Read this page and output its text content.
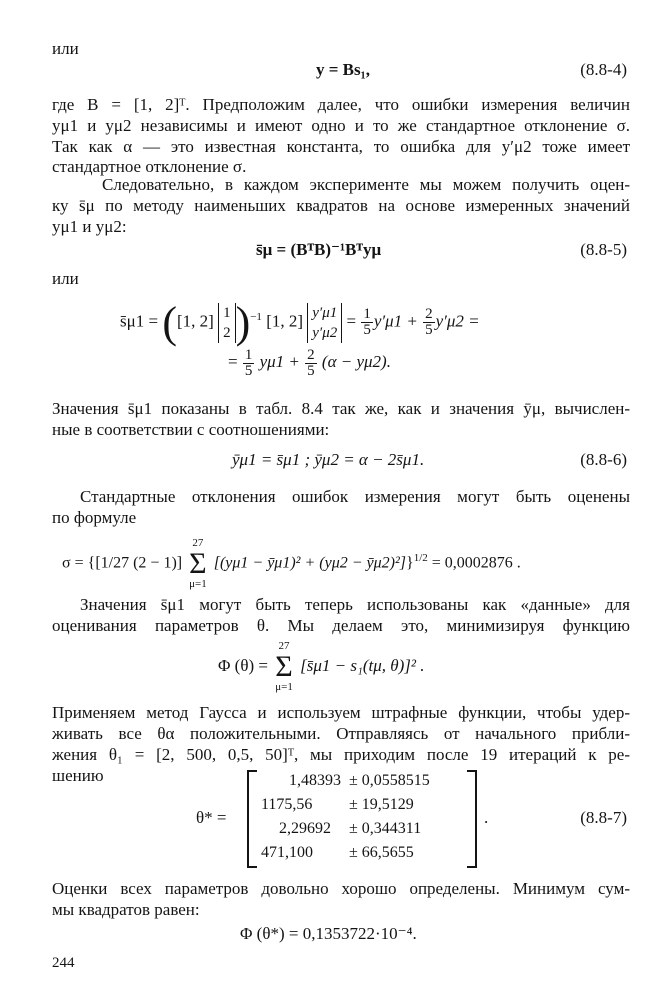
или
y = Bs₁,	(8.8-4)
где B = [1, 2]ᵀ. Предположим далее, что ошибки измерения величин
yμ1 и yμ2 независимы и имеют одно и то же стандартное отклонение σ.
Так как α — это известная константа, то ошибка для y′μ2 тоже имеет
стандартное отклонение σ.
Следовательно, в каждом эксперименте мы можем получить оцен-
ку s̄μ по методу наименьших квадратов на основе измеренных значений
yμ1 и yμ2:
s̄μ = (BᵀB)⁻¹Bᵀyμ	(8.8-5)
или
s̄μ1 = ([1, 2] 1
2 )$^{-1}$ [1, 2] y′μ1
y′μ2
= $\frac{1}{5} y'\mu 1 + \frac{2}{5} y'\mu 2$ =
= $\frac{1}{5} y\mu 1 + \frac{2}{5} (\alpha - y\mu 2)$.
Значения s̄μ1 показаны в табл. 8.4 так же, как и значения ȳμ, вычислен-
ные в соответствии с соотношениями:
ȳμ1 = s̄μ1 ; ȳμ2 = α − 2s̄μ1.	(8.8-6)
Стандартные отклонения ошибок измерения могут быть оценены
по формуле
σ = {[1/27 (2 − 1)]
27
Σ
μ=1
[(yμ1 − ȳμ1)² + (yμ2 − ȳμ2)²]}$^{1/2}$ = 0,0002876 .
Значения s̄μ1 могут быть теперь использованы как «данные» для
оценивания параметров θ. Мы делаем это, минимизируя функцию
Φ (θ) =
27
Σ
μ=1
[s̄μ1 − s₁(tμ, θ)]² .
Применяем метод Гаусса и используем штрафные функции, чтобы удер-
живать все θα положительными. Отправляясь от начального прибли-
жения θ₁ = [2, 500, 0,5, 50]ᵀ, мы приходим после 19 итераций к ре-
шению
θ* =
1,48393 ± 0,0558515
1175,56 ± 19,5129
2,29692 ± 0,344311
471,100 ± 66,5655
.	(8.8-7)
Оценки всех параметров довольно хорошо определены. Минимум сум-
мы квадратов равен:
Φ (θ*) = 0,1353722·10⁻⁴.
244
